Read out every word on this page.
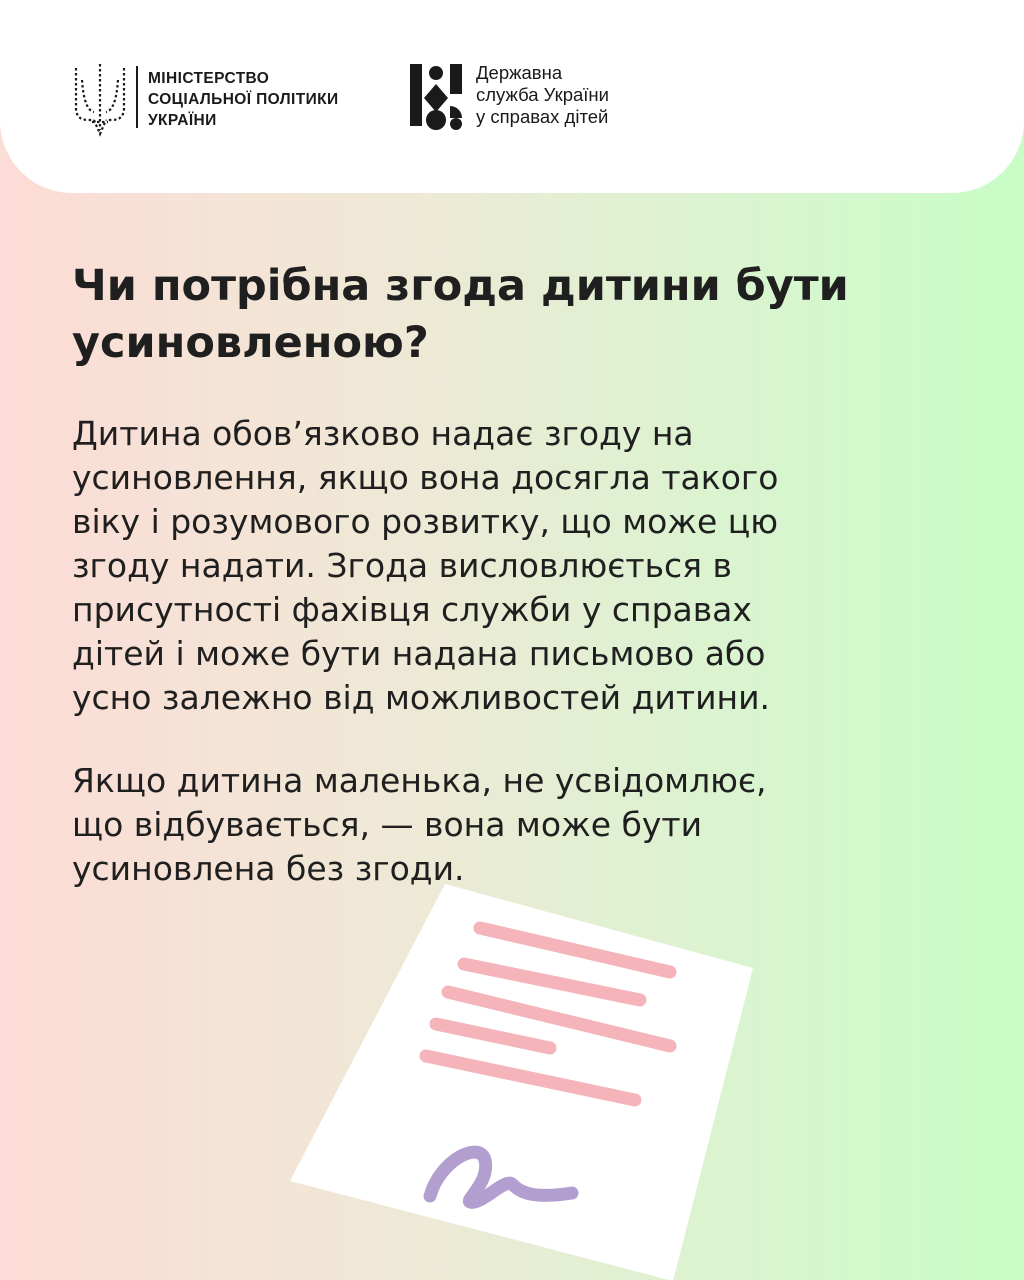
МІНІСТЕРСТВО
СОЦІАЛЬНОЇ ПОЛІТИКИ
УКРАЇНИ
Державна
служба України
у справах дітей
Чи потрібна згода дитини бути
усиновленою?
Дитина обов’язково надає згоду на
усиновлення, якщо вона досягла такого
віку і розумового розвитку, що може цю
згоду надати. Згода висловлюється в
присутності фахівця служби у справах
дітей і може бути надана письмово або
усно залежно від можливостей дитини.
Якщо дитина маленька, не усвідомлює,
що відбувається, — вона може бути
усиновлена без згоди.
